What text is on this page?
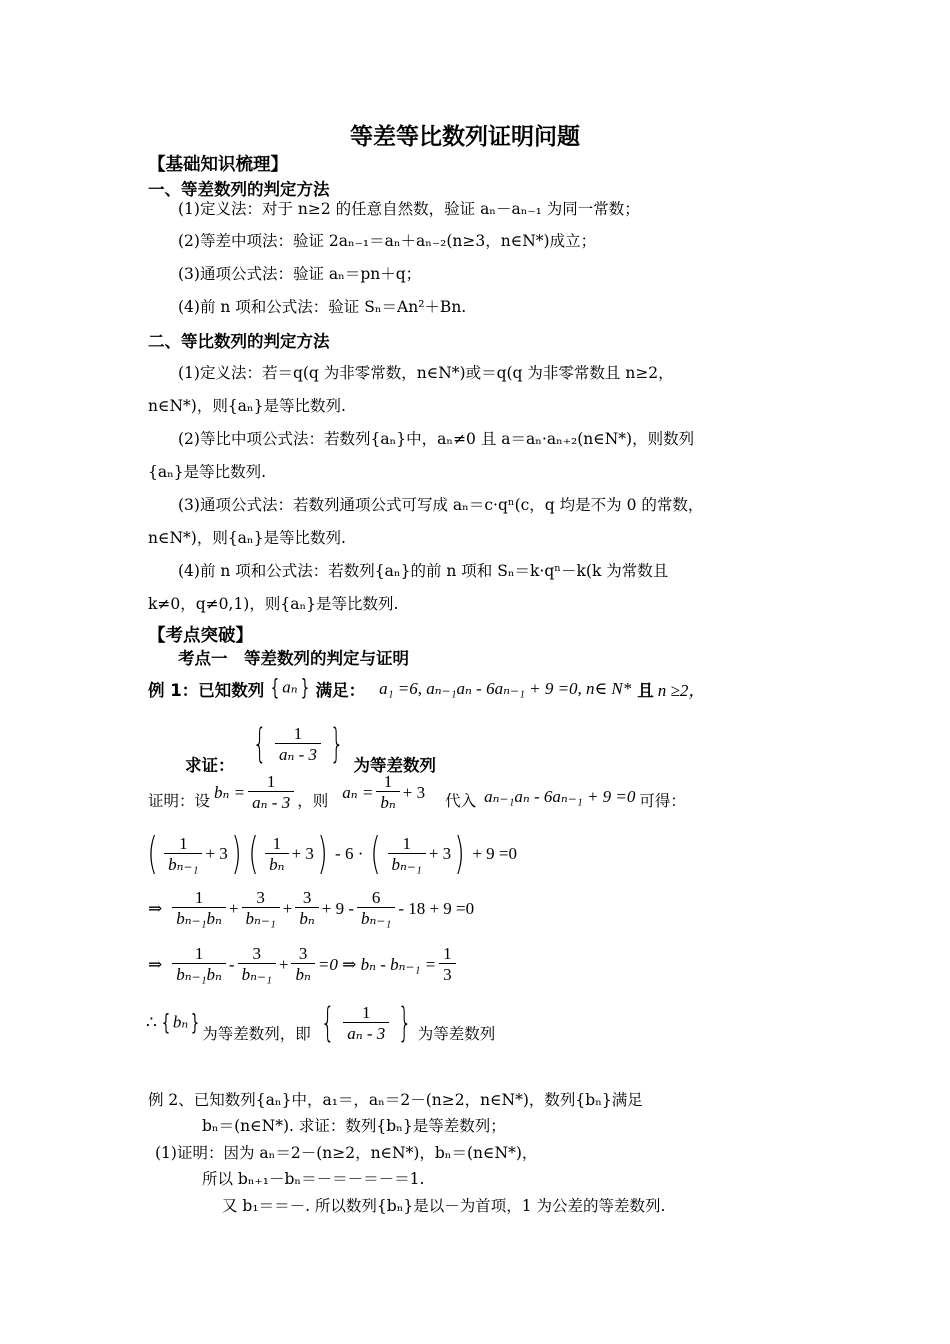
等差等比数列证明问题
【基础知识梳理】
一、等差数列的判定方法
(1)定义法：对于 n≥2 的任意自然数，验证 aₙ－aₙ₋₁ 为同一常数；
(2)等差中项法：验证 2aₙ₋₁＝aₙ＋aₙ₋₂(n≥3，n∈N*)成立；
(3)通项公式法：验证 aₙ＝pn＋q；
(4)前 n 项和公式法：验证 Sₙ＝An²＋Bn.
二、等比数列的判定方法
(1)定义法：若＝q(q 为非零常数，n∈N*)或＝q(q 为非零常数且 n≥2，
n∈N*)，则{aₙ}是等比数列.
(2)等比中项公式法：若数列{aₙ}中，aₙ≠0 且 a＝aₙ·aₙ₊₂(n∈N*)，则数列
{aₙ}是等比数列.
(3)通项公式法：若数列通项公式可写成 aₙ＝c·qⁿ(c，q 均是不为 0 的常数，
n∈N*)，则{aₙ}是等比数列.
(4)前 n 项和公式法：若数列{aₙ}的前 n 项和 Sₙ＝k·qⁿ－k(k 为常数且
k≠0，q≠0,1)，则{aₙ}是等比数列.
【考点突破】
考点一　等差数列的判定与证明
例 1：已知数列 { aₙ } 满足： a₁ =6, aₙ₋₁aₙ - 6aₙ₋₁ + 9 =0, n∈ N* 且 n ≥2，
求证： { $\frac{1}{\text{aₙ - 3}}$ } 为等差数列
证明：设 $b_n = \frac{1}{\text{aₙ - 3}}$ ，则 $a_n = \frac{1}{\text{bₙ}} + 3$ 代入 aₙ₋₁aₙ - 6aₙ₋₁ + 9 =0 可得：
( $\frac{1}{\text{bₙ₋₁}} + 3$ ) ( $\frac{1}{\text{bₙ}} + 3$ ) - 6 · ( $\frac{1}{\text{bₙ₋₁}} + 3$ ) + 9 =0
⇒ $\frac{1}{\text{bₙ₋₁bₙ}} + \frac{3}{\text{bₙ₋₁}} + \frac{3}{\text{bₙ}} + 9 - \frac{6}{\text{bₙ₋₁}} - 18 + 9 =0$
⇒ $\frac{1}{\text{bₙ₋₁bₙ}} - \frac{3}{\text{bₙ₋₁}} + \frac{3}{\text{bₙ}} =0$ ⇒ $b_n - b_{n-1} = \frac{1}{3}$
∴ { bₙ } 为等差数列，即 { $\frac{1}{\text{aₙ - 3}}$ } 为等差数列
例 2、已知数列{aₙ}中，a₁＝，aₙ＝2－(n≥2，n∈N*)，数列{bₙ}满足
bₙ＝(n∈N*). 求证：数列{bₙ}是等差数列；
(1)证明：因为 aₙ＝2－(n≥2，n∈N*)，bₙ＝(n∈N*)，
所以 bₙ₊₁－bₙ＝－＝－＝－＝1.
又 b₁＝＝－. 所以数列{bₙ}是以－为首项，1 为公差的等差数列.
